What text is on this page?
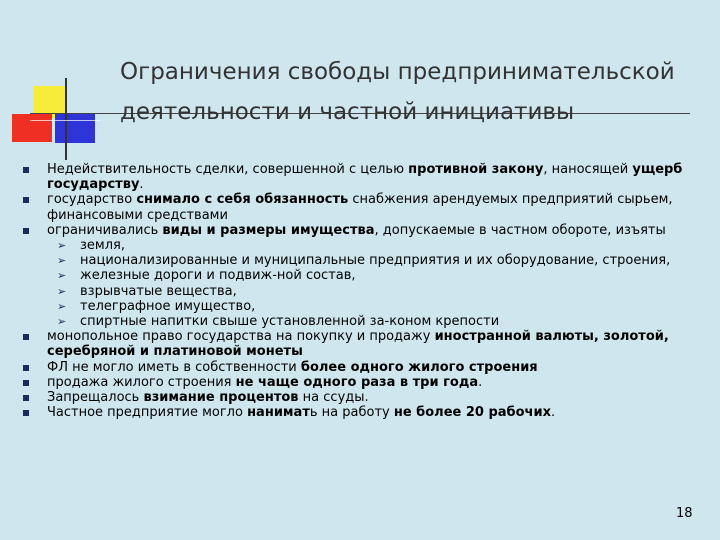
Ограничения свободы предпринимательской
деятельности и частной инициативы
Недействительность сделки, совершенной с целью противной закону, наносящей ущерб государству.
государство снимало с себя обязанность снабжения арендуемых предприятий сырьем, финансовыми средствами
ограничивались виды и размеры имущества, допускаемые в частном обороте, изъяты
➢ земля,
➢ национализированные и муниципальные предприятия и их оборудование, строения,
➢ железные дороги и подвиж-ной состав,
➢ взрывчатые вещества,
➢ телеграфное имущество,
➢ спиртные напитки свыше установленной за-коном крепости
монопольное право государства на покупку и продажу иностранной валюты, золотой, серебряной и платиновой монеты
ФЛ не могло иметь в собственности более одного жилого строения
продажа жилого строения не чаще одного раза в три года.
Запрещалось взимание процентов на ссуды.
Частное предприятие могло нанимать на работу не более 20 рабочих.
18
